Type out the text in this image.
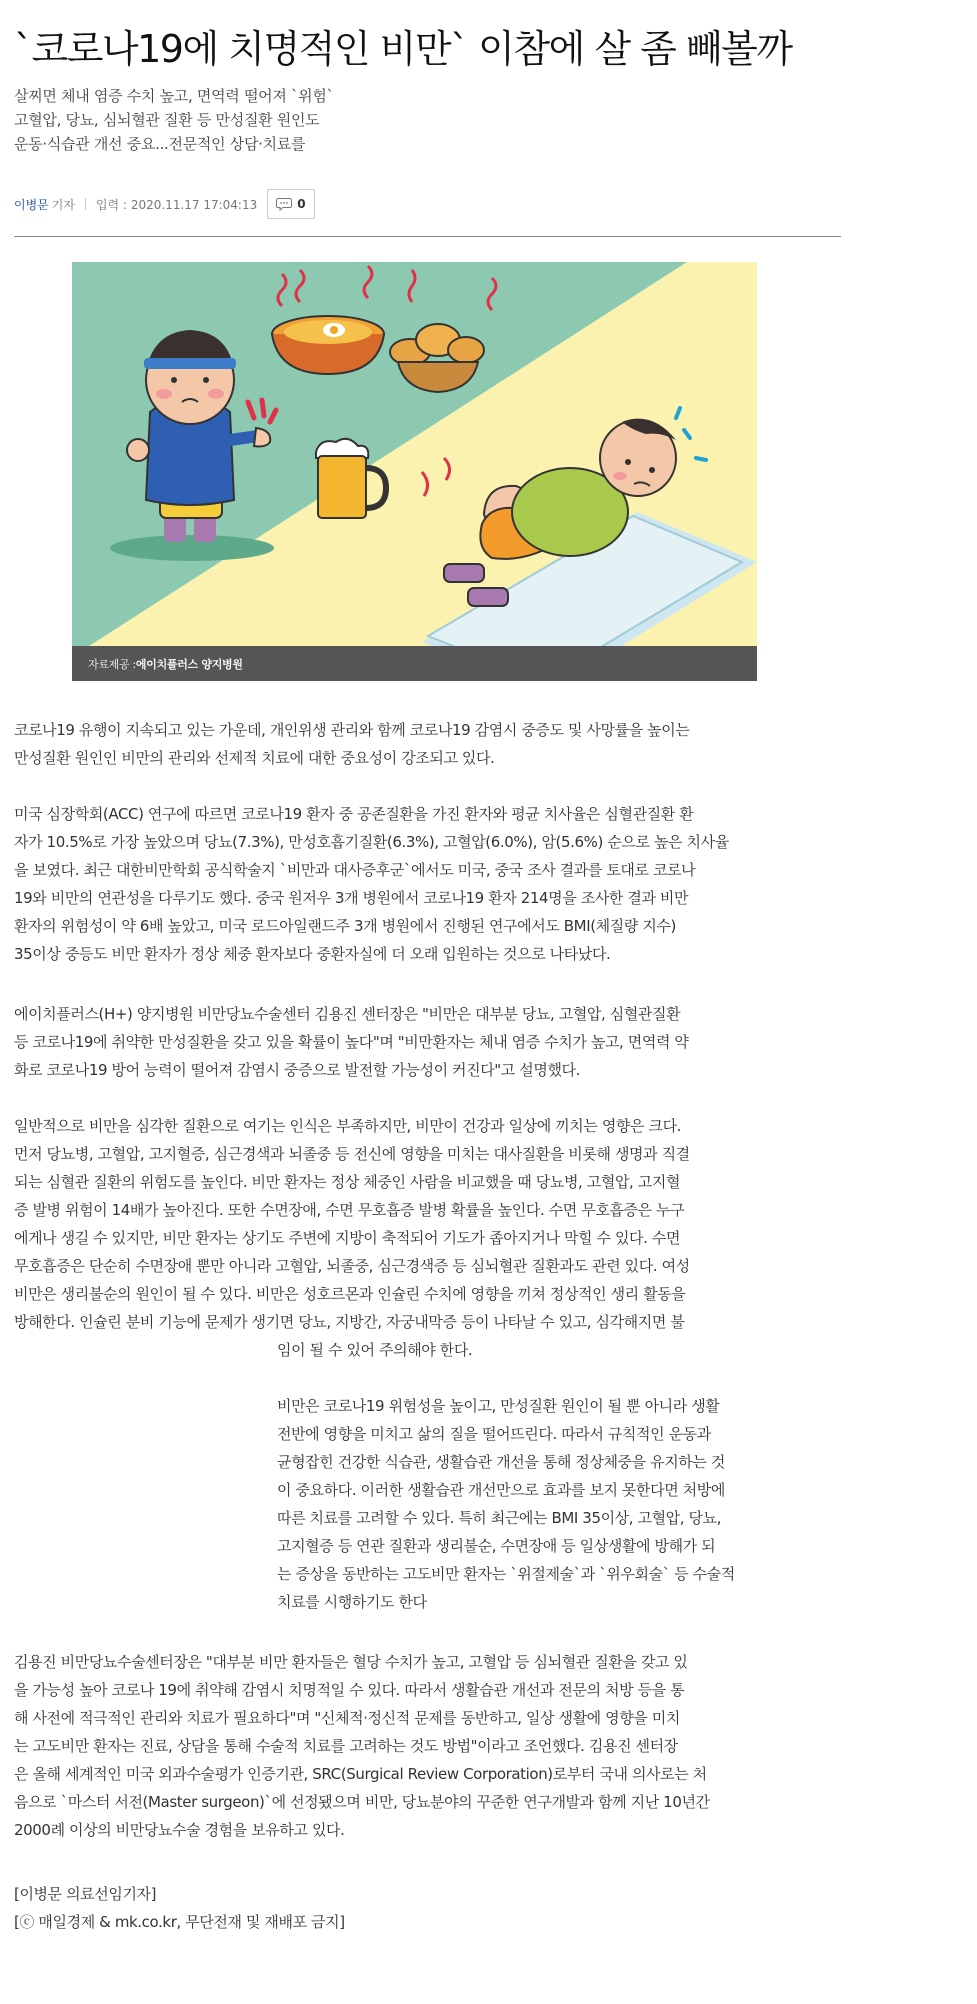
`코로나19에 치명적인 비만` 이참에 살 좀 빼볼까
살찌면 체내 염증 수치 높고, 면역력 떨어져 `위험`
고혈압, 당뇨, 심뇌혈관 질환 등 만성질환 원인도
운동·식습관 개선 중요...전문적인 상담·치료를
이병문 기자 입력 : 2020.11.17 17:04:13	0
자료제공 : 에이치플러스 양지병원
코로나19 유행이 지속되고 있는 가운데, 개인위생 관리와 함께 코로나19 감염시 중증도 및 사망률을 높이는
만성질환 원인인 비만의 관리와 선제적 치료에 대한 중요성이 강조되고 있다.
미국 심장학회(ACC) 연구에 따르면 코로나19 환자 중 공존질환을 가진 환자와 평균 치사율은 심혈관질환 환
자가 10.5%로 가장 높았으며 당뇨(7.3%), 만성호흡기질환(6.3%), 고혈압(6.0%), 암(5.6%) 순으로 높은 치사율
을 보였다. 최근 대한비만학회 공식학술지 `비만과 대사증후군`에서도 미국, 중국 조사 결과를 토대로 코로나
19와 비만의 연관성을 다루기도 했다. 중국 원저우 3개 병원에서 코로나19 환자 214명을 조사한 결과 비만
환자의 위험성이 약 6배 높았고, 미국 로드아일랜드주 3개 병원에서 진행된 연구에서도 BMI(체질량 지수)
35이상 중등도 비만 환자가 정상 체중 환자보다 중환자실에 더 오래 입원하는 것으로 나타났다.
에이치플러스(H+) 양지병원 비만당뇨수술센터 김용진 센터장은 "비만은 대부분 당뇨, 고혈압, 심혈관질환
등 코로나19에 취약한 만성질환을 갖고 있을 확률이 높다"며 "비만환자는 체내 염증 수치가 높고, 면역력 약
화로 코로나19 방어 능력이 떨어져 감염시 중증으로 발전할 가능성이 커진다"고 설명했다.
일반적으로 비만을 심각한 질환으로 여기는 인식은 부족하지만, 비만이 건강과 일상에 끼치는 영향은 크다.
먼저 당뇨병, 고혈압, 고지혈증, 심근경색과 뇌졸중 등 전신에 영향을 미치는 대사질환을 비롯해 생명과 직결
되는 심혈관 질환의 위험도를 높인다. 비만 환자는 정상 체중인 사람을 비교했을 때 당뇨병, 고혈압, 고지혈
증 발병 위험이 14배가 높아진다. 또한 수면장애, 수면 무호흡증 발병 확률을 높인다. 수면 무호흡증은 누구
에게나 생길 수 있지만, 비만 환자는 상기도 주변에 지방이 축적되어 기도가 좁아지거나 막힐 수 있다. 수면
무호흡증은 단순히 수면장애 뿐만 아니라 고혈압, 뇌졸중, 심근경색증 등 심뇌혈관 질환과도 관련 있다. 여성
비만은 생리불순의 원인이 될 수 있다. 비만은 성호르몬과 인슐린 수치에 영향을 끼쳐 정상적인 생리 활동을
방해한다. 인슐린 분비 기능에 문제가 생기면 당뇨, 지방간, 자궁내막증 등이 나타날 수 있고, 심각해지면 불
임이 될 수 있어 주의해야 한다.
비만은 코로나19 위험성을 높이고, 만성질환 원인이 될 뿐 아니라 생활
전반에 영향을 미치고 삶의 질을 떨어뜨린다. 따라서 규칙적인 운동과
균형잡힌 건강한 식습관, 생활습관 개선을 통해 정상체중을 유지하는 것
이 중요하다. 이러한 생활습관 개선만으로 효과를 보지 못한다면 처방에
따른 치료를 고려할 수 있다. 특히 최근에는 BMI 35이상, 고혈압, 당뇨,
고지혈증 등 연관 질환과 생리불순, 수면장애 등 일상생활에 방해가 되
는 증상을 동반하는 고도비만 환자는 `위절제술`과 `위우회술` 등 수술적
치료를 시행하기도 한다
김용진 비만당뇨수술센터장은 "대부분 비만 환자들은 혈당 수치가 높고, 고혈압 등 심뇌혈관 질환을 갖고 있
을 가능성 높아 코로나 19에 취약해 감염시 치명적일 수 있다. 따라서 생활습관 개선과 전문의 처방 등을 통
해 사전에 적극적인 관리와 치료가 필요하다"며 "신체적·정신적 문제를 동반하고, 일상 생활에 영향을 미치
는 고도비만 환자는 진료, 상담을 통해 수술적 치료를 고려하는 것도 방법"이라고 조언했다. 김용진 센터장
은 올해 세계적인 미국 외과수술평가 인증기관, SRC(Surgical Review Corporation)로부터 국내 의사로는 처
음으로 `마스터 서전(Master surgeon)`에 선정됐으며 비만, 당뇨분야의 꾸준한 연구개발과 함께 지난 10년간
2000례 이상의 비만당뇨수술 경험을 보유하고 있다.
[이병문 의료선임기자]
[ⓒ 매일경제 & mk.co.kr, 무단전재 및 재배포 금지]
